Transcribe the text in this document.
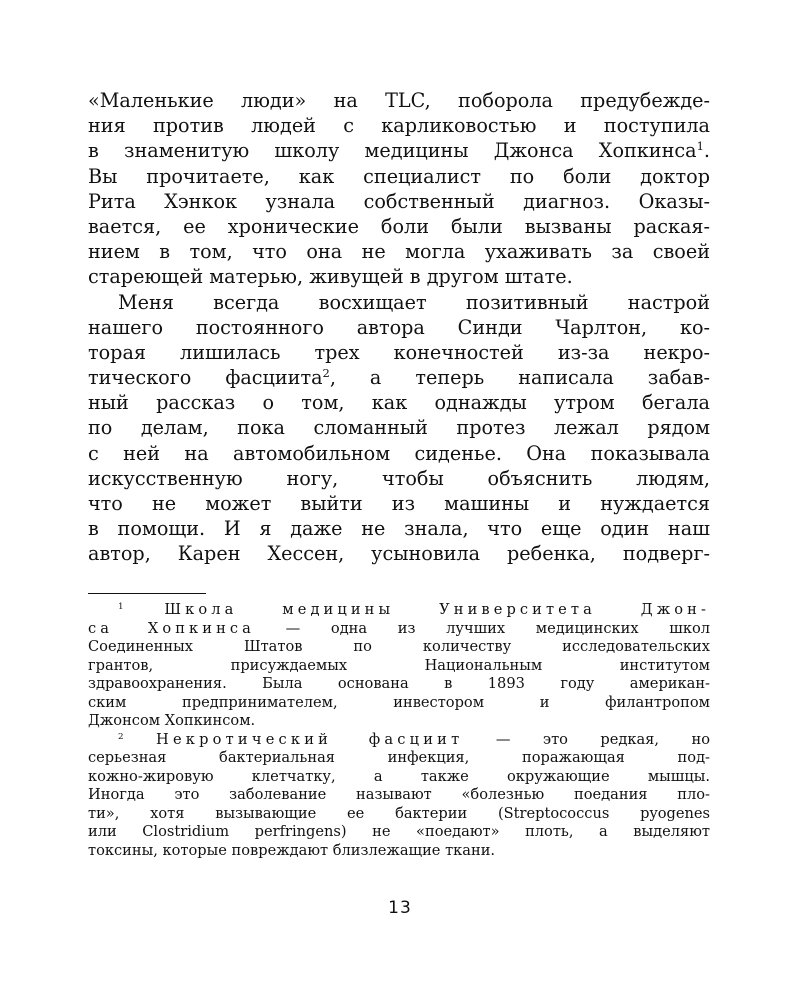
«Маленькие люди» на TLC, поборола предубежде-
ния против людей с карликовостью и поступила
в знаменитую школу медицины Джонса Хопкинса$^1$.
Вы прочитаете, как специалист по боли доктор
Рита Хэнкок узнала собственный диагноз. Оказы-
вается, ее хронические боли были вызваны раская-
нием в том, что она не могла ухаживать за своей
стареющей матерью, живущей в другом штате.
Меня всегда восхищает позитивный настрой
нашего постоянного автора Синди Чарлтон, ко-
торая лишилась трех конечностей из-за некро-
тического фасциита$^2$, а теперь написала забав-
ный рассказ о том, как однажды утром бегала
по делам, пока сломанный протез лежал рядом
с ней на автомобильном сиденье. Она показывала
искусственную ногу, чтобы объяснить людям,
что не может выйти из машины и нуждается
в помощи. И я даже не знала, что еще один наш
автор, Карен Хессен, усыновила ребенка, подверг-
$^1$	Школа медицины Университета Джон-
са Хопкинса — одна из лучших медицинских школ
Соединенных Штатов по количеству исследовательских
грантов, присуждаемых Национальным институтом
здравоохранения. Была основана в 1893 году американ-
ским предпринимателем, инвестором и филантропом
Джонсом Хопкинсом.
$^2$ Некротический фасциит — это редкая, но
серьезная бактериальная инфекция, поражающая под-
кожно-жировую клетчатку, а также окружающие мышцы.
Иногда это заболевание называют «болезнью поедания пло-
ти», хотя вызывающие ее бактерии (Streptococcus pyogenes
или Clostridium perfringens) не «поедают» плоть, а выделяют
токсины, которые повреждают близлежащие ткани.
13
